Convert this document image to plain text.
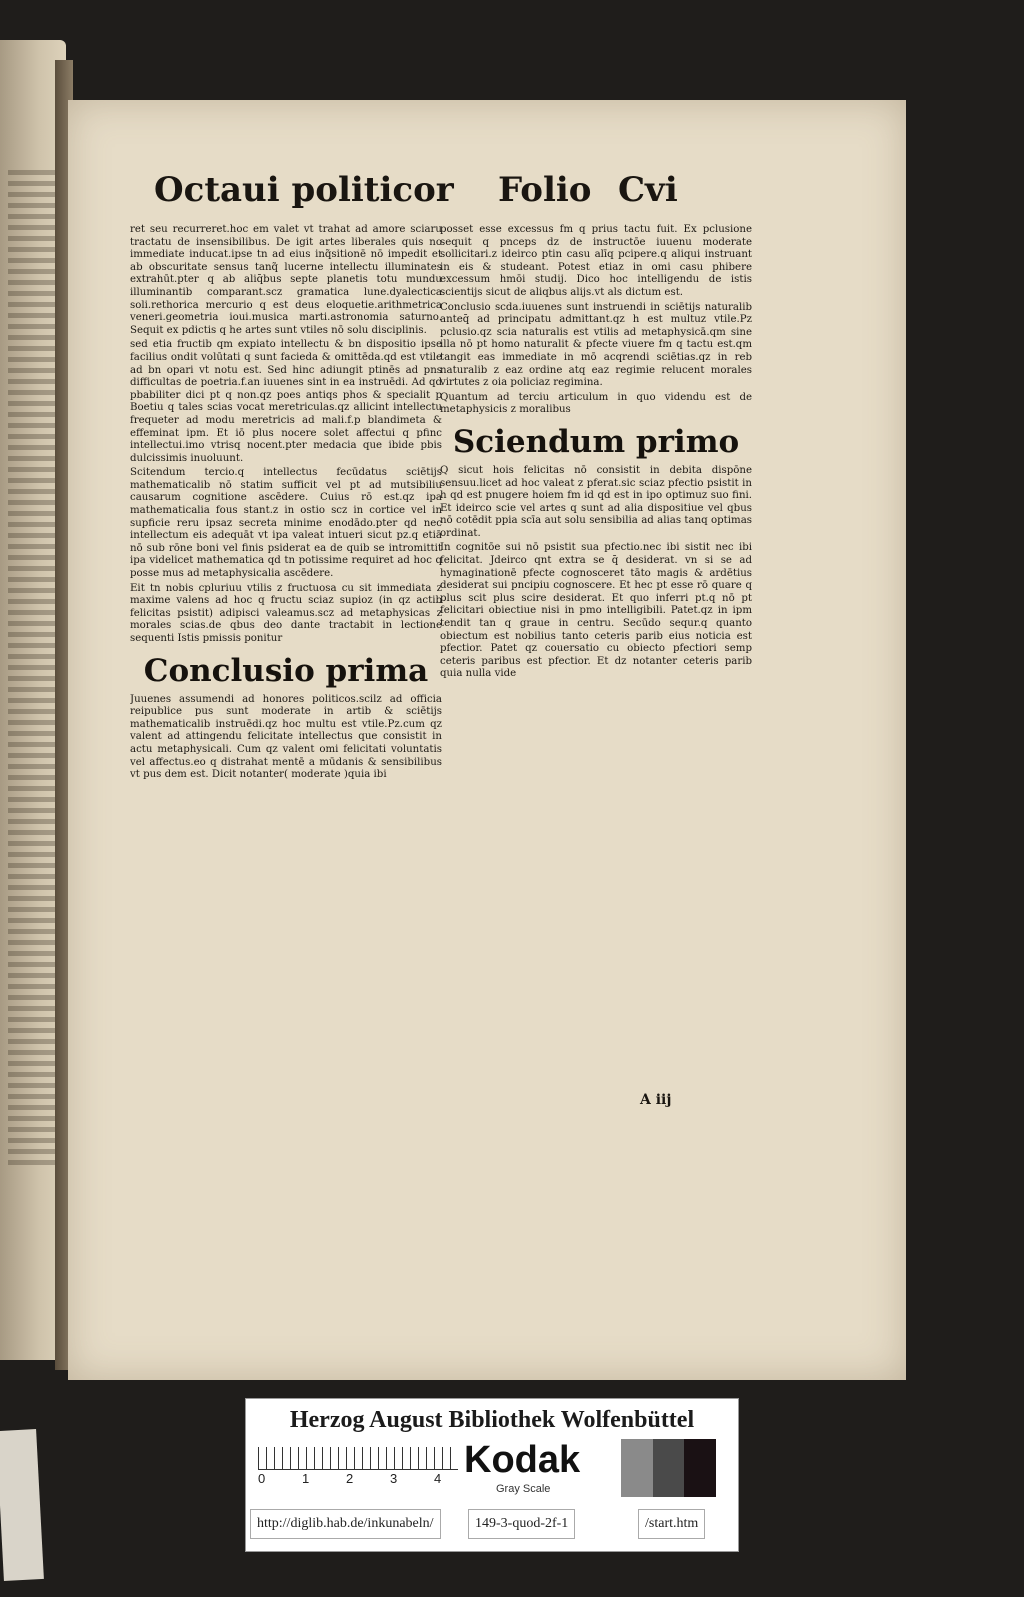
Octaui politicor Folio Cvi

ret seu recurreret.hoc em valet vt trahat ad amore sciaru tractatu de insensibilibus. De igit artes liberales quis no immediate inducat.ipse tn ad eius inq̃sitionē nō impedit et ab obscuritate sensus tanq̃ lucerne intellectu illuminates extrahūt.pter q ab aliq̄bus septe planetis totu mundu illuminantib comparant.scz gramatica lune.dyalectica soli.rethorica mercurio q est deus eloquetie.arithmetrica veneri.geometria ioui.musica marti.astronomia saturno. Sequit ex pdictis q he artes sunt vtiles nō solu disciplinis.

sed etia fructib qm expiato intellectu & bn dispositio ipse facilius ondit volūtati q sunt facieda & omittēda.qd est vtile ad bn opari vt notu est. Sed hinc adiungit ptinēs ad pns difficultas de poetria.f.an iuuenes sint in ea instruēdi. Ad qd pbabiliter dici pt q non.qz poes antiqs phos & specialit p Boetiu q tales scias vocat meretriculas.qz allicint intellectu frequeter ad modu meretricis ad mali.f.p blandimeta & effeminat ipm. Et iō plus nocere solet affectui q pfinc intellectui.imo vtrisq nocent.pter medacia que ibide pbis dulcissimis inuoluunt.

Scitendum tercio.q intellectus fecūdatus sciētijs mathematicalib nō statim sufficit vel pt ad mutsibiliu causarum cognitione ascēdere. Cuius rō est.qz ipa mathematicalia fous stant.z in ostio scz in cortice vel in supficie reru ipsaz secreta minime enodādo.pter qd nec intellectum eis adequāt vt ipa valeat intueri sicut pz.q etiā nō sub rōne boni vel finis psiderat ea de quib se intromittit ipa videlicet mathematica qd tn potissime requiret ad hoc q posse mus ad metaphysicalia ascēdere.

Eit tn nobis cpluriuu vtilis z fructuosa cu sit immediata z maxime valens ad hoc q fructu sciaz supioz (in qz actib felicitas psistit) adipisci valeamus.scz ad metaphysicas z morales scias.de qbus deo dante tractabit in lectione sequenti Istis pmissis ponitur

Conclusio prima

Juuenes assumendi ad honores politicos.scilz ad officia reipublice pus sunt moderate in artib & sciētijs mathematicalib instruēdi.qz hoc multu est vtile.Pz.cum qz valent ad attingendu felicitate intellectus que consistit in actu metaphysicali. Cum qz valent omi felicitati voluntatis vel affectus.eo q distrahat mentē a mūdanis & sensibilibus vt pus dem est. Dicit notanter( moderate )quia ibi

posset esse excessus fm q prius tactu fuit. Ex pclusione sequit q pnceps dz de instructōe iuuenu moderate sollicitari.z ideirco ptin casu alīq pcipere.q aliqui instruant in eis & studeant. Potest etiaz in omi casu phibere excessum hmōi studij. Dico hoc intelligendu de istis scientijs sicut de aliqbus alijs.vt als dictum est.

Conclusio scda.iuuenes sunt instruendi in sciētijs naturalib anteq̄ ad principatu admittant.qz h est multuz vtile.Pz pclusio.qz scia naturalis est vtilis ad metaphysicā.qm sine illa nō pt homo naturalit & pfecte viuere fm q tactu est.qm tangit eas immediate in mō acqrendi sciētias.qz in reb naturalib z eaz ordine atq eaz regimie relucent morales virtutes z oia policiaz regimina.

Quantum ad terciu articulum in quo videndu est de metaphysicis z moralibus

Sciendum primo

Q sicut hois felicitas nō consistit in debita dispōne sensuu.licet ad hoc valeat z pferat.sic sciaz pfectio psistit in h qd est pnugere hoiem fm id qd est in ipo optimuz suo fini. Et ideirco scie vel artes q sunt ad alia dispositiue vel qbus nō cotēdit ppia scīa aut solu sensibilia ad alias tanq optimas ordinat.

In cognitōe sui nō psistit sua pfectio.nec ibi sistit nec ibi felicitat. Jdeirco qnt extra se q̄ desiderat. vn si se ad hymaginationē pfecte cognosceret tāto magis & ardētius desiderat sui pncipiu cognoscere. Et hec pt esse rō quare q plus scit plus scire desiderat. Et quo inferri pt.q nō pt felicitari obiectiue nisi in pmo intelligibili. Patet.qz in ipm tendit tan q graue in centru. Secūdo sequr.q quanto obiectum est nobilius tanto ceteris parib eius noticia est pfectior. Patet qz couersatio cu obiecto pfectiori semp ceteris paribus est pfectior. Et dz notanter ceteris parib quia nulla vide

A iij
Herzog August Bibliothek Wolfenbüttel
0	1	2	3	4 Kodak
Gray Scale
http://diglib.hab.de/inkunabeln/	149-3-quod-2f-1	/start.htm
